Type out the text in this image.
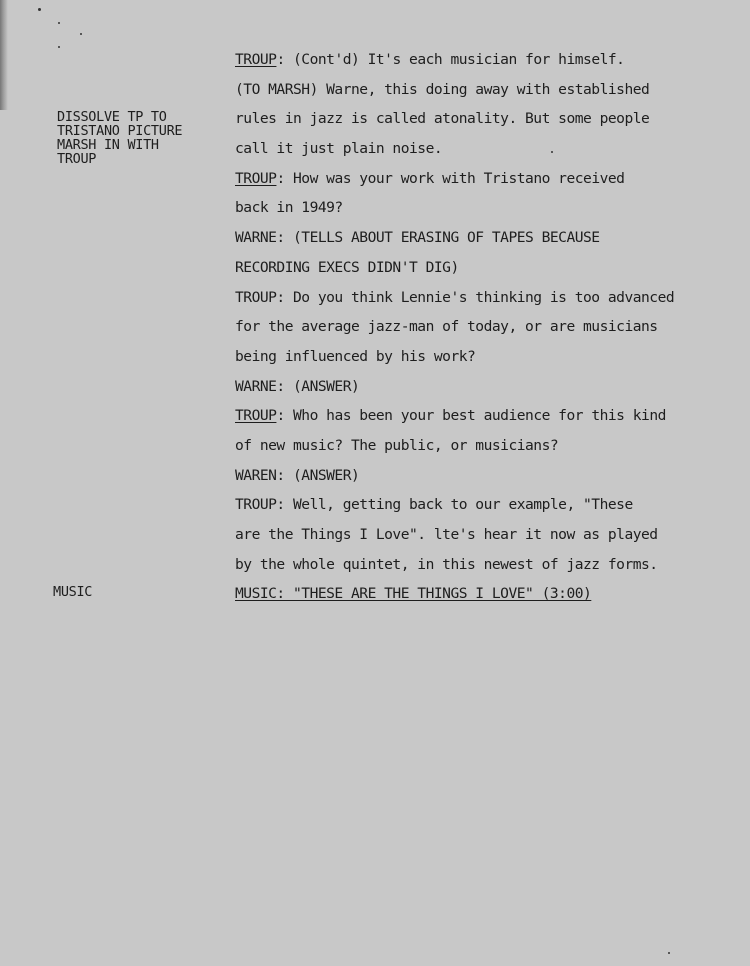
DISSOLVE TP TO
TRISTANO PICTURE
MARSH IN WITH
TROUP
MUSIC
TROUP: (Cont'd) It's each musician for himself.
(TO MARSH) Warne, this doing away with established
rules in jazz is called atonality. But some people
call it just plain noise.
TROUP: How was your work with Tristano received
back in 1949?
WARNE: (TELLS ABOUT ERASING OF TAPES BECAUSE
RECORDING EXECS DIDN'T DIG)
TROUP: Do you think Lennie's thinking is too advanced
for the average jazz-man of today, or are musicians
being influenced by his work?
WARNE: (ANSWER)
TROUP: Who has been your best audience for this kind
of new music? The public, or musicians?
WAREN: (ANSWER)
TROUP: Well, getting back to our example, "These
are the Things I Love". lte's hear it now as played
by the whole quintet, in this newest of jazz forms.
MUSIC: "THESE ARE THE THINGS I LOVE" (3:00)
